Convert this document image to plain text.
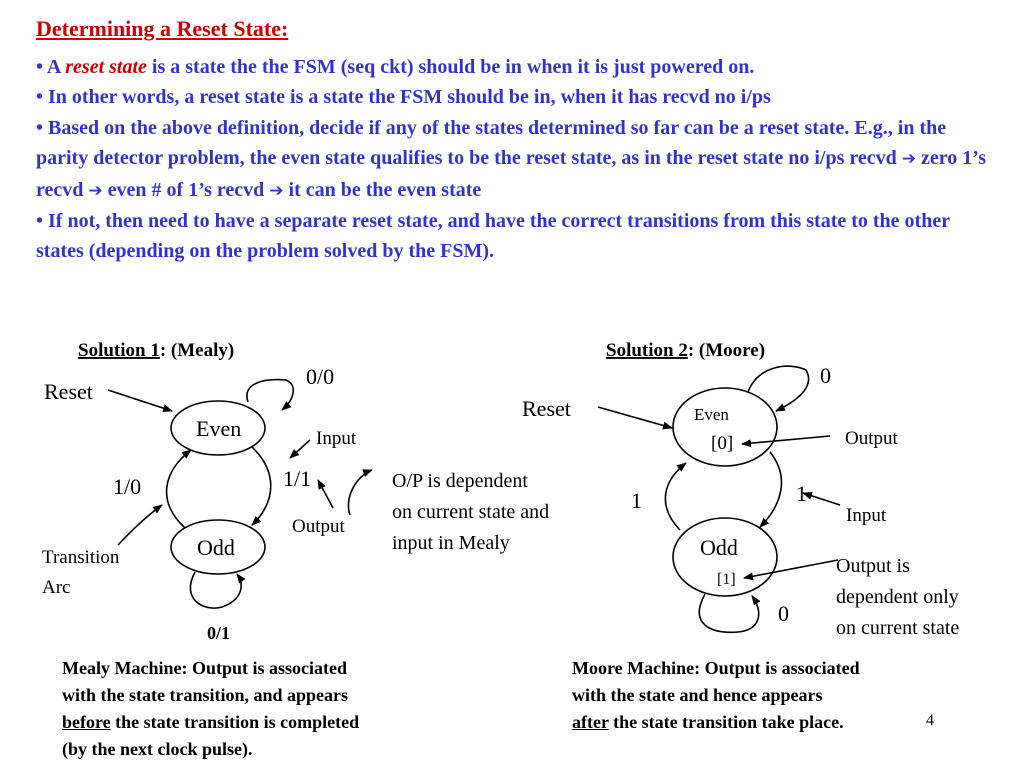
Determining a Reset State:

• A reset state is a state the the FSM (seq ckt) should be in when it is just powered on.

• In other words, a reset state is a state the FSM should be in, when it has recvd no i/ps

• Based on the above definition, decide if any of the states determined so far can be a reset state. E.g., in the parity detector problem, the even state qualifies to be the reset state, as in the reset state no i/ps recvd ➔ zero 1’s recvd ➔ even # of 1’s recvd ➔ it can be the even state

• If not, then need to have a separate reset state, and have the correct transitions from this state to the other states (depending on the problem solved by the FSM).

Solution 1: (Mealy)
Reset
Even
Odd
0/0
0/1
1/0	1/1
Input
Output
Transition
Arc
O/P is dependent
on current state and
input in Mealy
Solution 2: (Moore)
Reset	Even
[0]
Odd
[1]
0
0
1	1
Output
Input
Output is
dependent only
on current state
Mealy Machine: Output is associated
with the state transition, and appears
before the state transition is completed
(by the next clock pulse).
Moore Machine: Output is associated
with the state and hence appears
after the state transition take place.	4
